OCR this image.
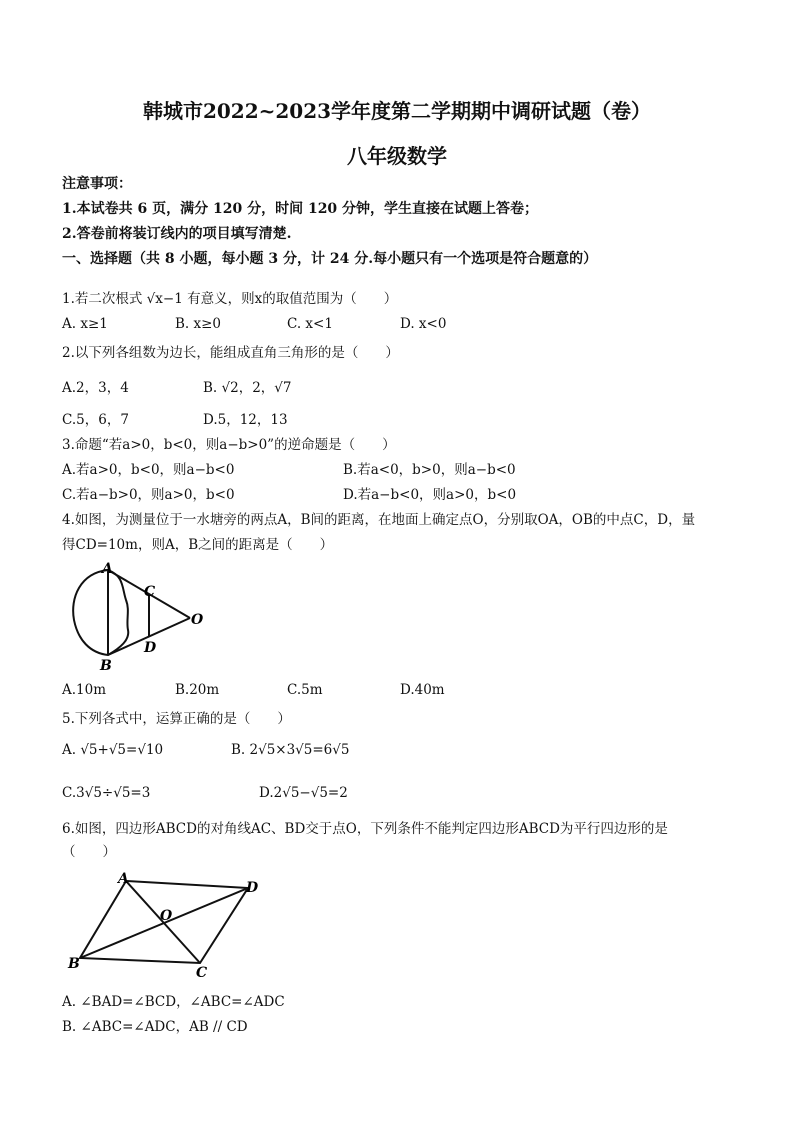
韩城市2022~2023学年度第二学期期中调研试题（卷）
八年级数学
注意事项：
1.本试卷共 6 页，满分 120 分，时间 120 分钟，学生直接在试题上答卷；
2.答卷前将装订线内的项目填写清楚.
一、选择题（共 8 小题，每小题 3 分，计 24 分.每小题只有一个选项是符合题意的）
1.若二次根式 √x−1 有意义，则x的取值范围为（　　）
A. x≥1	B. x≥0	C. x<1	D. x<0
2.以下列各组数为边长，能组成直角三角形的是（　　）
A.2，3，4	B. √2，2，√7
C.5，6，7	D.5，12，13
3.命题“若a>0，b<0，则a−b>0”的逆命题是（　　）
A.若a>0，b<0，则a−b<0	B.若a<0，b>0，则a−b<0
C.若a−b>0，则a>0，b<0	D.若a−b<0，则a>0，b<0
4.如图，为测量位于一水塘旁的两点A，B间的距离，在地面上确定点O，分别取OA，OB的中点C，D，量
得CD=10m，则A，B之间的距离是（　　）
A
C
O
B
D
A.10m	B.20m	C.5m	D.40m
5.下列各式中，运算正确的是（　　）
A. √5+√5=√10	B. 2√5×3√5=6√5
C.3√5÷√5=3	D.2√5−√5=2
6.如图，四边形ABCD的对角线AC、BD交于点O，下列条件不能判定四边形ABCD为平行四边形的是
（　　）
A
D
O
B
C
A. ∠BAD=∠BCD，∠ABC=∠ADC
B. ∠ABC=∠ADC，AB // CD
